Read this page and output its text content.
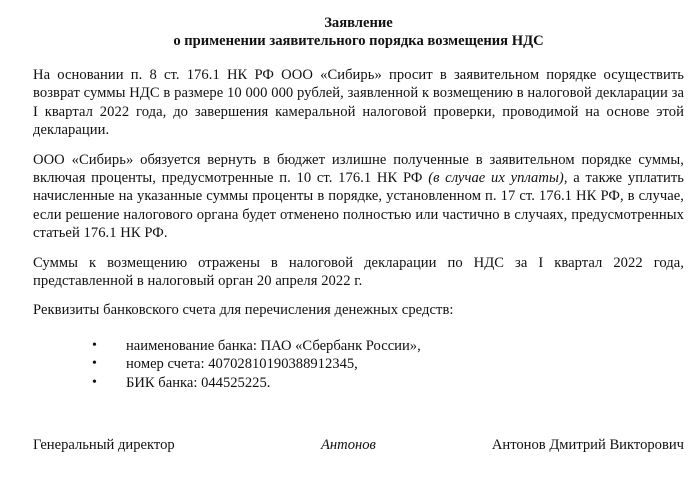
Заявление
о применении заявительного порядка возмещения НДС

На основании п. 8 ст. 176.1 НК РФ ООО «Сибирь» просит в заявительном порядке осуществить возврат суммы НДС в размере 10 000 000 рублей, заявленной к возмещению в налоговой декларации за I квартал 2022 года, до завершения камеральной налоговой проверки, проводимой на основе этой декларации.

ООО «Сибирь» обязуется вернуть в бюджет излишне полученные в заявительном порядке суммы, включая проценты, предусмотренные п. 10 ст. 176.1 НК РФ (в случае их уплаты), а также уплатить начисленные на указанные суммы проценты в порядке, установленном п. 17 ст. 176.1 НК РФ, в случае, если решение налогового органа будет отменено полностью или частично в случаях, предусмотренных статьей 176.1 НК РФ.

Суммы к возмещению отражены в налоговой декларации по НДС за I квартал 2022 года, представленной в налоговый орган 20 апреля 2022 г.

Реквизиты банковского счета для перечисления денежных средств:

• наименование банка: ПАО «Сбербанк России»,
• номер счета: 40702810190388912345,
• БИК банка: 044525225.
Генеральный директор	Антонов	Антонов Дмитрий Викторович
